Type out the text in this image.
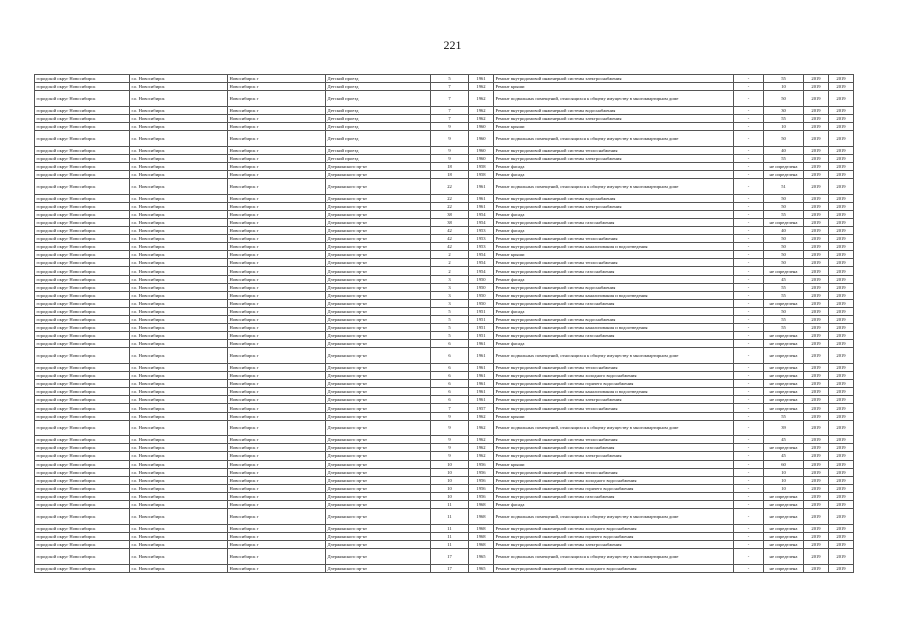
221
городской округ Новосибирск	г.о. Новосибирск	Новосибирск г	Детский проезд	5	1961	Ремонт внутридомовой инженерной системы электроснабжения	-	55	2019	2019
городской округ Новосибирск	г.о. Новосибирск	Новосибирск г	Детский проезд	7	1962	Ремонт крыши	-	10	2019	2019
городской округ Новосибирск	г.о. Новосибирск	Новосибирск г	Детский проезд	7	1962	Ремонт подвальных помещений, относящихся к общему имуществу в многоквартирном доме	-	50	2019	2019
городской округ Новосибирск	г.о. Новосибирск	Новосибирск г	Детский проезд	7	1962	Ремонт внутридомовой инженерной системы водоснабжения	-	30	2019	2019
городской округ Новосибирск	г.о. Новосибирск	Новосибирск г	Детский проезд	7	1962	Ремонт внутридомовой инженерной системы электроснабжения	-	55	2019	2019
городской округ Новосибирск	г.о. Новосибирск	Новосибирск г	Детский проезд	9	1960	Ремонт крыши	-	10	2019	2019
городской округ Новосибирск	г.о. Новосибирск	Новосибирск г	Детский проезд	9	1960	Ремонт подвальных помещений, относящихся к общему имуществу в многоквартирном доме	-	50	2019	2019
городской округ Новосибирск	г.о. Новосибирск	Новосибирск г	Детский проезд	9	1960	Ремонт внутридомовой инженерной системы теплоснабжения	-	40	2019	2019
городской округ Новосибирск	г.о. Новосибирск	Новосибирск г	Детский проезд	9	1960	Ремонт внутридомовой инженерной системы электроснабжения	-	55	2019	2019
городской округ Новосибирск	г.о. Новосибирск	Новосибирск г	Дзержинского пр-кт	18	1958	Ремонт фасада	-	не определена	2019	2019
городской округ Новосибирск	г.о. Новосибирск	Новосибирск г	Дзержинского пр-кт	18	1958	Ремонт фасада	-	не определена	2019	2019
городской округ Новосибирск	г.о. Новосибирск	Новосибирск г	Дзержинского пр-кт	22	1961	Ремонт подвальных помещений, относящихся к общему имуществу в многоквартирном доме	-	51	2019	2019
городской округ Новосибирск	г.о. Новосибирск	Новосибирск г	Дзержинского пр-кт	22	1961	Ремонт внутридомовой инженерной системы водоснабжения	-	50	2019	2019
городской округ Новосибирск	г.о. Новосибирск	Новосибирск г	Дзержинского пр-кт	22	1961	Ремонт внутридомовой инженерной системы электроснабжения	-	50	2019	2019
городской округ Новосибирск	г.о. Новосибирск	Новосибирск г	Дзержинского пр-кт	38	1954	Ремонт фасада	-	55	2019	2019
городской округ Новосибирск	г.о. Новосибирск	Новосибирск г	Дзержинского пр-кт	38	1954	Ремонт внутридомовой инженерной системы газоснабжения	-	не определена	2019	2019
городской округ Новосибирск	г.о. Новосибирск	Новосибирск г	Дзержинского пр-кт	42	1953	Ремонт фасада	-	40	2019	2019
городской округ Новосибирск	г.о. Новосибирск	Новосибирск г	Дзержинского пр-кт	42	1953	Ремонт внутридомовой инженерной системы теплоснабжения	-	50	2019	2019
городской округ Новосибирск	г.о. Новосибирск	Новосибирск г	Дзержинского пр-кт	42	1953	Ремонт внутридомовой инженерной системы канализования и водоотведения	-	50	2019	2019
городской округ Новосибирск	г.о. Новосибирск	Новосибирск г	Дзержинского пр-кт	2	1954	Ремонт крыши	-	50	2019	2019
городской округ Новосибирск	г.о. Новосибирск	Новосибирск г	Дзержинского пр-кт	2	1954	Ремонт внутридомовой инженерной системы теплоснабжения	-	50	2019	2019
городской округ Новосибирск	г.о. Новосибирск	Новосибирск г	Дзержинского пр-кт	2	1954	Ремонт внутридомовой инженерной системы газоснабжения	-	не определена	2019	2019
городской округ Новосибирск	г.о. Новосибирск	Новосибирск г	Дзержинского пр-кт	3	1950	Ремонт фасада	-	45	2019	2019
городской округ Новосибирск	г.о. Новосибирск	Новосибирск г	Дзержинского пр-кт	3	1950	Ремонт внутридомовой инженерной системы водоснабжения	-	55	2019	2019
городской округ Новосибирск	г.о. Новосибирск	Новосибирск г	Дзержинского пр-кт	3	1950	Ремонт внутридомовой инженерной системы канализования и водоотведения	-	55	2019	2019
городской округ Новосибирск	г.о. Новосибирск	Новосибирск г	Дзержинского пр-кт	3	1950	Ремонт внутридомовой инженерной системы газоснабжения	-	не определена	2019	2019
городской округ Новосибирск	г.о. Новосибирск	Новосибирск г	Дзержинского пр-кт	5	1951	Ремонт фасада	-	50	2019	2019
городской округ Новосибирск	г.о. Новосибирск	Новосибирск г	Дзержинского пр-кт	5	1951	Ремонт внутридомовой инженерной системы водоснабжения	-	55	2019	2019
городской округ Новосибирск	г.о. Новосибирск	Новосибирск г	Дзержинского пр-кт	5	1951	Ремонт внутридомовой инженерной системы канализования и водоотведения	-	55	2019	2019
городской округ Новосибирск	г.о. Новосибирск	Новосибирск г	Дзержинского пр-кт	5	1951	Ремонт внутридомовой инженерной системы газоснабжения	-	не определена	2019	2019
городской округ Новосибирск	г.о. Новосибирск	Новосибирск г	Дзержинского пр-кт	6	1961	Ремонт фасада	-	не определена	2019	2019
городской округ Новосибирск	г.о. Новосибирск	Новосибирск г	Дзержинского пр-кт	6	1961	Ремонт подвальных помещений, относящихся к общему имуществу в многоквартирном доме	-	не определена	2019	2019
городской округ Новосибирск	г.о. Новосибирск	Новосибирск г	Дзержинского пр-кт	6	1961	Ремонт внутридомовой инженерной системы теплоснабжения	-	не определена	2019	2019
городской округ Новосибирск	г.о. Новосибирск	Новосибирск г	Дзержинского пр-кт	6	1961	Ремонт внутридомовой инженерной системы холодного водоснабжения	-	не определена	2019	2019
городской округ Новосибирск	г.о. Новосибирск	Новосибирск г	Дзержинского пр-кт	6	1961	Ремонт внутридомовой инженерной системы горячего водоснабжения	-	не определена	2019	2019
городской округ Новосибирск	г.о. Новосибирск	Новосибирск г	Дзержинского пр-кт	6	1961	Ремонт внутридомовой инженерной системы канализования и водоотведения	-	не определена	2019	2019
городской округ Новосибирск	г.о. Новосибирск	Новосибирск г	Дзержинского пр-кт	6	1961	Ремонт внутридомовой инженерной системы электроснабжения	-	не определена	2019	2019
городской округ Новосибирск	г.о. Новосибирск	Новосибирск г	Дзержинского пр-кт	7	1957	Ремонт внутридомовой инженерной системы теплоснабжения	-	не определена	2019	2019
городской округ Новосибирск	г.о. Новосибирск	Новосибирск г	Дзержинского пр-кт	9	1962	Ремонт крыши	-	55	2019	2019
городской округ Новосибирск	г.о. Новосибирск	Новосибирск г	Дзержинского пр-кт	9	1962	Ремонт подвальных помещений, относящихся к общему имуществу в многоквартирном доме	-	39	2019	2019
городской округ Новосибирск	г.о. Новосибирск	Новосибирск г	Дзержинского пр-кт	9	1962	Ремонт внутридомовой инженерной системы теплоснабжения	-	45	2019	2019
городской округ Новосибирск	г.о. Новосибирск	Новосибирск г	Дзержинского пр-кт	9	1962	Ремонт внутридомовой инженерной системы газоснабжения	-	не определена	2019	2019
городской округ Новосибирск	г.о. Новосибирск	Новосибирск г	Дзержинского пр-кт	9	1962	Ремонт внутридомовой инженерной системы электроснабжения	-	45	2019	2019
городской округ Новосибирск	г.о. Новосибирск	Новосибирск г	Дзержинского пр-кт	10	1956	Ремонт крыши	-	60	2019	2019
городской округ Новосибирск	г.о. Новосибирск	Новосибирск г	Дзержинского пр-кт	10	1956	Ремонт внутридомовой инженерной системы теплоснабжения	-	10	2019	2019
городской округ Новосибирск	г.о. Новосибирск	Новосибирск г	Дзержинского пр-кт	10	1956	Ремонт внутридомовой инженерной системы холодного водоснабжения	-	10	2019	2019
городской округ Новосибирск	г.о. Новосибирск	Новосибирск г	Дзержинского пр-кт	10	1956	Ремонт внутридомовой инженерной системы горячего водоснабжения	-	10	2019	2019
городской округ Новосибирск	г.о. Новосибирск	Новосибирск г	Дзержинского пр-кт	10	1956	Ремонт внутридомовой инженерной системы газоснабжения	-	не определена	2019	2019
городской округ Новосибирск	г.о. Новосибирск	Новосибирск г	Дзержинского пр-кт	11	1968	Ремонт фасада	-	не определена	2019	2019
городской округ Новосибирск	г.о. Новосибирск	Новосибирск г	Дзержинского пр-кт	11	1968	Ремонт подвальных помещений, относящихся к общему имуществу в многоквартирном доме	-	не определена	2019	2019
городской округ Новосибирск	г.о. Новосибирск	Новосибирск г	Дзержинского пр-кт	11	1968	Ремонт внутридомовой инженерной системы холодного водоснабжения	-	не определена	2019	2019
городской округ Новосибирск	г.о. Новосибирск	Новосибирск г	Дзержинского пр-кт	11	1968	Ремонт внутридомовой инженерной системы горячего водоснабжения	-	не определена	2019	2019
городской округ Новосибирск	г.о. Новосибирск	Новосибирск г	Дзержинского пр-кт	11	1968	Ремонт внутридомовой инженерной системы электроснабжения	-	не определена	2019	2019
городской округ Новосибирск	г.о. Новосибирск	Новосибирск г	Дзержинского пр-кт	17	1965	Ремонт подвальных помещений, относящихся к общему имуществу в многоквартирном доме	-	не определена	2019	2019
городской округ Новосибирск	г.о. Новосибирск	Новосибирск г	Дзержинского пр-кт	17	1965	Ремонт внутридомовой инженерной системы холодного водоснабжения	-	не определена	2019	2019
